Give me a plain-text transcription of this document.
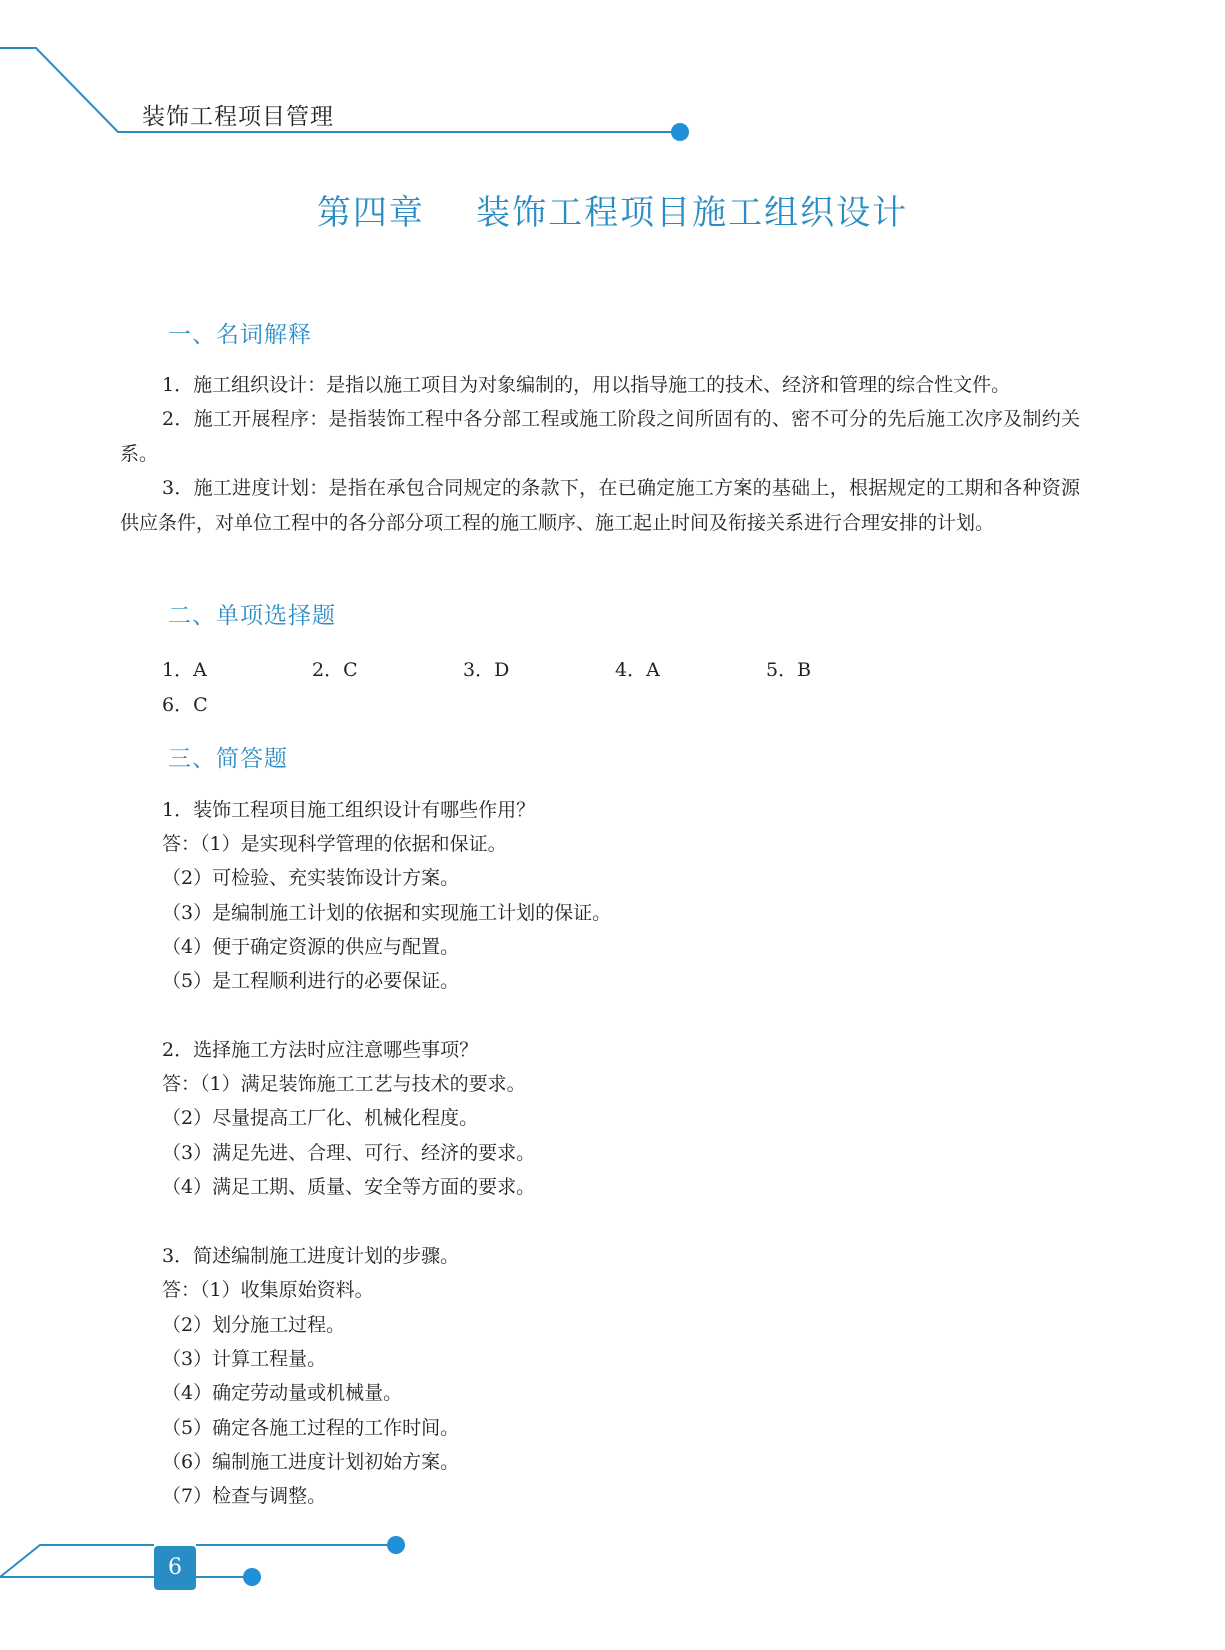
装饰工程项目管理
第四章    装饰工程项目施工组织设计
一、名词解释
1．施工组织设计：是指以施工项目为对象编制的，用以指导施工的技术、经济和管理的综合性文件。
2．施工开展程序：是指装饰工程中各分部工程或施工阶段之间所固有的、密不可分的先后施工次序及制约关系。
3．施工进度计划：是指在承包合同规定的条款下，在已确定施工方案的基础上，根据规定的工期和各种资源供应条件，对单位工程中的各分部分项工程的施工顺序、施工起止时间及衔接关系进行合理安排的计划。
二、单项选择题
1．A	2．C	3．D	4．A	5．B
6．C
三、简答题
1．装饰工程项目施工组织设计有哪些作用？
答：（1）是实现科学管理的依据和保证。
（2）可检验、充实装饰设计方案。
（3）是编制施工计划的依据和实现施工计划的保证。
（4）便于确定资源的供应与配置。
（5）是工程顺利进行的必要保证。
2．选择施工方法时应注意哪些事项？
答：（1）满足装饰施工工艺与技术的要求。
（2）尽量提高工厂化、机械化程度。
（3）满足先进、合理、可行、经济的要求。
（4）满足工期、质量、安全等方面的要求。
3．简述编制施工进度计划的步骤。
答：（1）收集原始资料。
（2）划分施工过程。
（3）计算工程量。
（4）确定劳动量或机械量。
（5）确定各施工过程的工作时间。
（6）编制施工进度计划初始方案。
（7）检查与调整。
6
